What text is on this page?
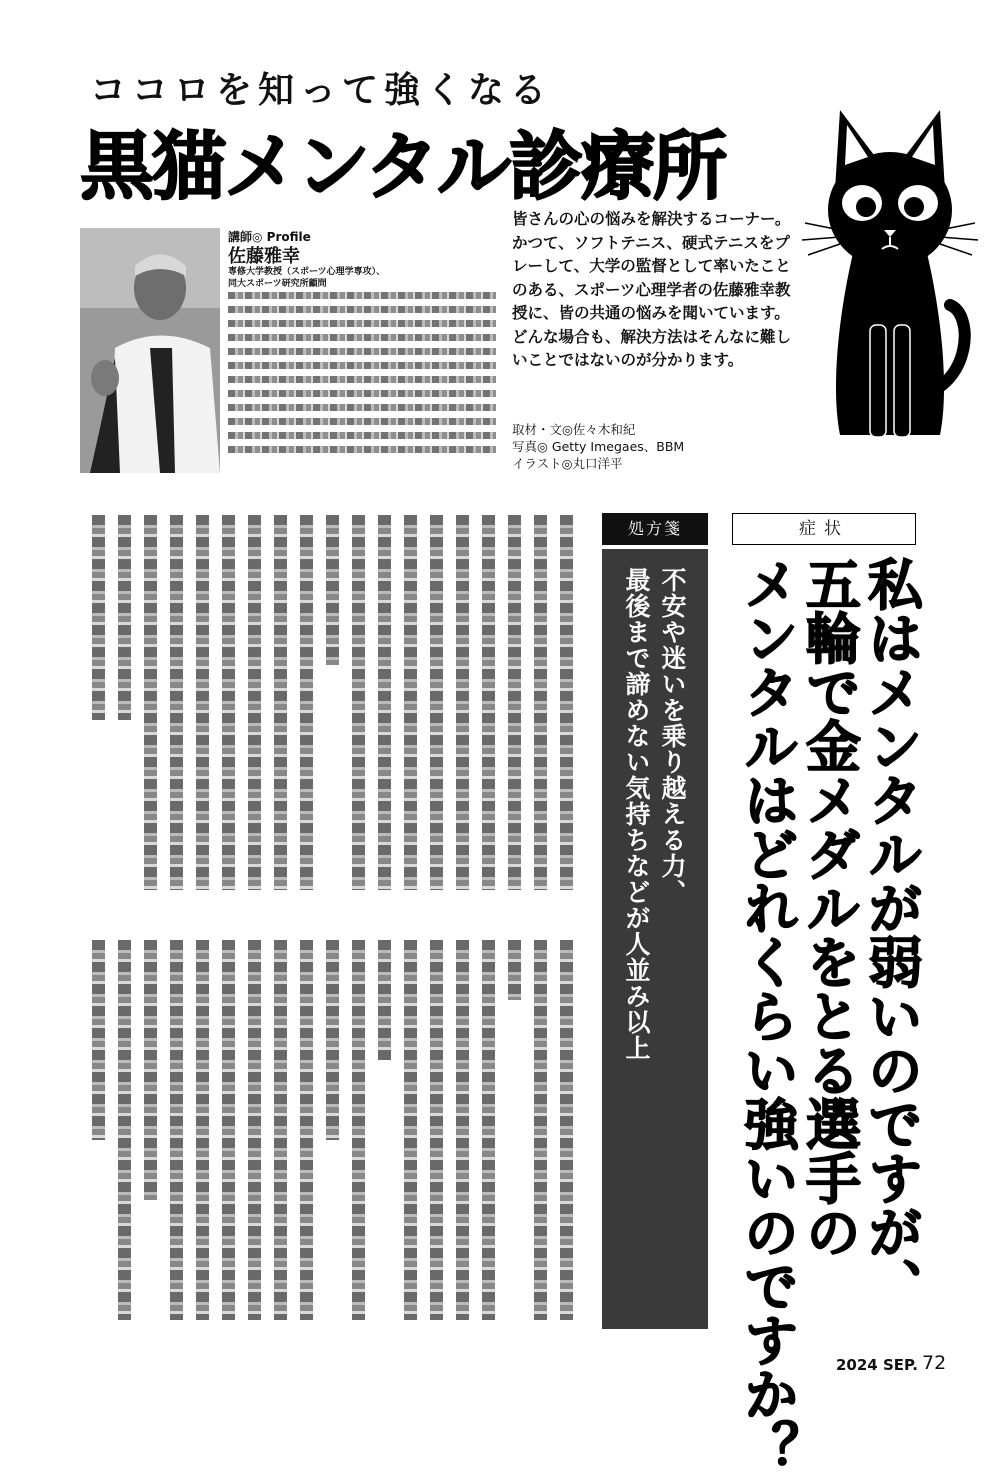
ココロを知って強くなる
黒猫メンタル診療所
講師◎ Profile
佐藤雅幸
専修大学教授（スポーツ心理学専攻）、
同大スポーツ研究所顧問
皆さんの心の悩みを解決するコーナー。かつて、ソフトテニス、硬式テニスをプレーして、大学の監督として率いたことのある、スポーツ心理学者の佐藤雅幸教授に、皆の共通の悩みを聞いています。どんな場合も、解決方法はそんなに難しいことではないのが分かります。
取材・文◎佐々木和紀
写真◎ Getty Imegaes、BBM
イラスト◎丸口洋平
症状
私はメンタルが弱いのですが、
五輪で金メダルをとる選手の
メンタルはどれくらい強いのですか？
処方箋
不安や迷いを乗り越える力、
最後まで諦めない気持ちなどが人並み以上
2024 SEP. 72
